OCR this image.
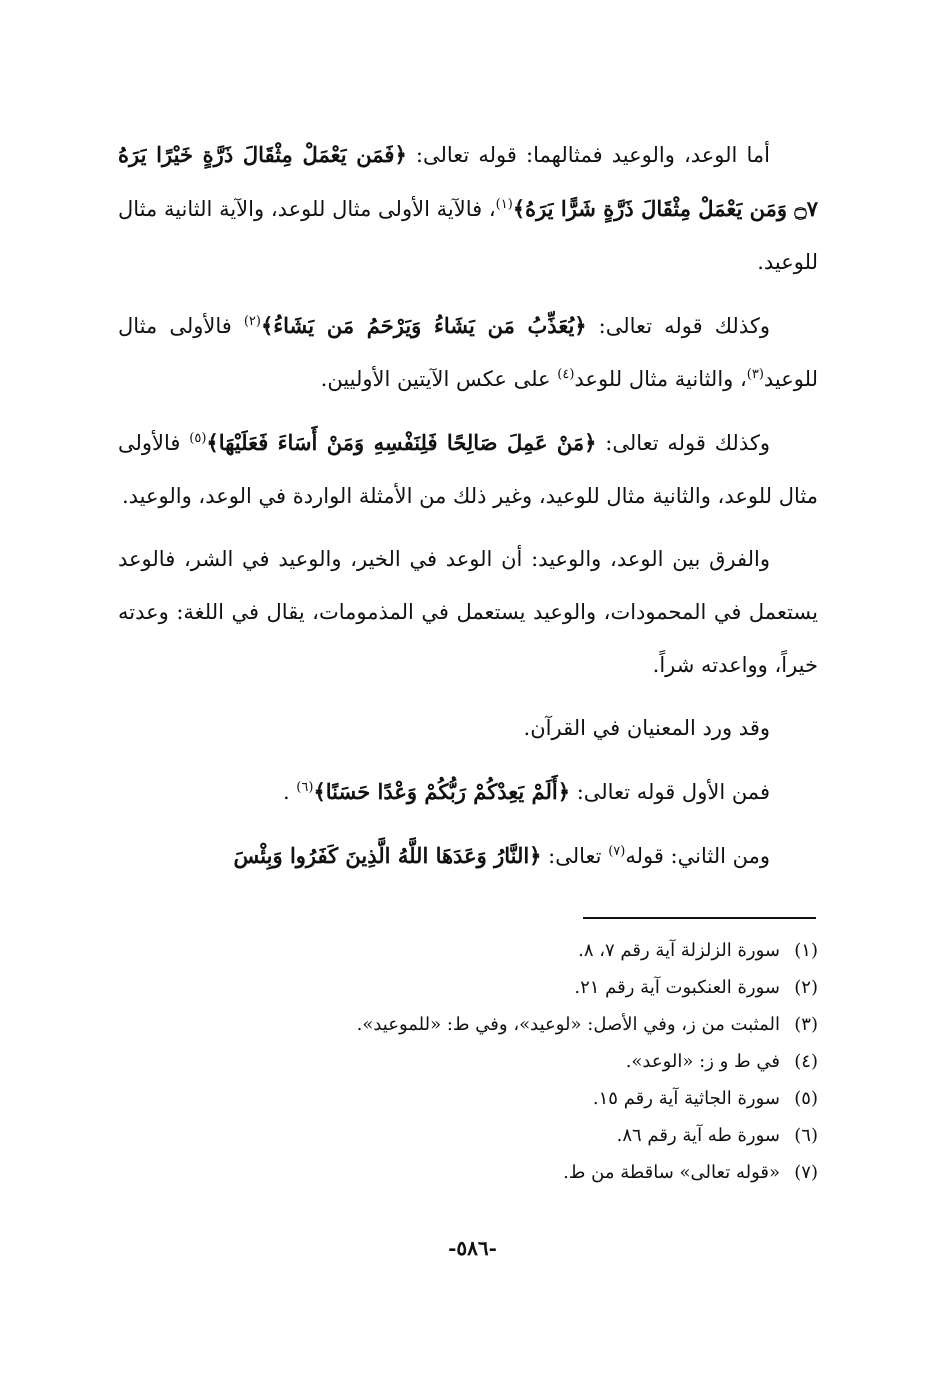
أما الوعد، والوعيد فمثالهما: قوله تعالى: ﴿فَمَن يَعْمَلْ مِثْقَالَ ذَرَّةٍ خَيْرًا يَرَهُ ۝٧ وَمَن يَعْمَلْ مِثْقَالَ ذَرَّةٍ شَرًّا يَرَهُ﴾$^{(١)}$، فالآية الأولى مثال للوعد، والآية الثانية مثال للوعيد.

وكذلك قوله تعالى: ﴿يُعَذِّبُ مَن يَشَاءُ وَيَرْحَمُ مَن يَشَاءُ﴾$^{(٢)}$ فالأولى مثال للوعيد$^{(٣)}$، والثانية مثال للوعد$^{(٤)}$ على عكس الآيتين الأوليين.

وكذلك قوله تعالى: ﴿مَنْ عَمِلَ صَالِحًا فَلِنَفْسِهِ وَمَنْ أَسَاءَ فَعَلَيْهَا﴾$^{(٥)}$ فالأولى مثال للوعد، والثانية مثال للوعيد، وغير ذلك من الأمثلة الواردة في الوعد، والوعيد.

والفرق بين الوعد، والوعيد: أن الوعد في الخير، والوعيد في الشر، فالوعد يستعمل في المحمودات، والوعيد يستعمل في المذمومات، يقال في اللغة: وعدته خيراً، وواعدته شراً.

وقد ورد المعنيان في القرآن.

فمن الأول قوله تعالى: ﴿أَلَمْ يَعِدْكُمْ رَبُّكُمْ وَعْدًا حَسَنًا﴾$^{(٦)}$ .

ومن الثاني: قوله$^{(٧)}$ تعالى: ﴿النَّارُ وَعَدَهَا اللَّهُ الَّذِينَ كَفَرُوا وَبِئْسَ

(١)سورة الزلزلة آية رقم ٧، ٨.
(٢)سورة العنكبوت آية رقم ٢١.
(٣)المثبت من ز، وفي الأصل: «لوعيد»، وفي ط: «للموعيد».
(٤)في ط و ز: «الوعد».
(٥)سورة الجاثية آية رقم ١٥.
(٦)سورة طه آية رقم ٨٦.
(٧)«قوله تعالى» ساقطة من ط.
-٥٨٦-
